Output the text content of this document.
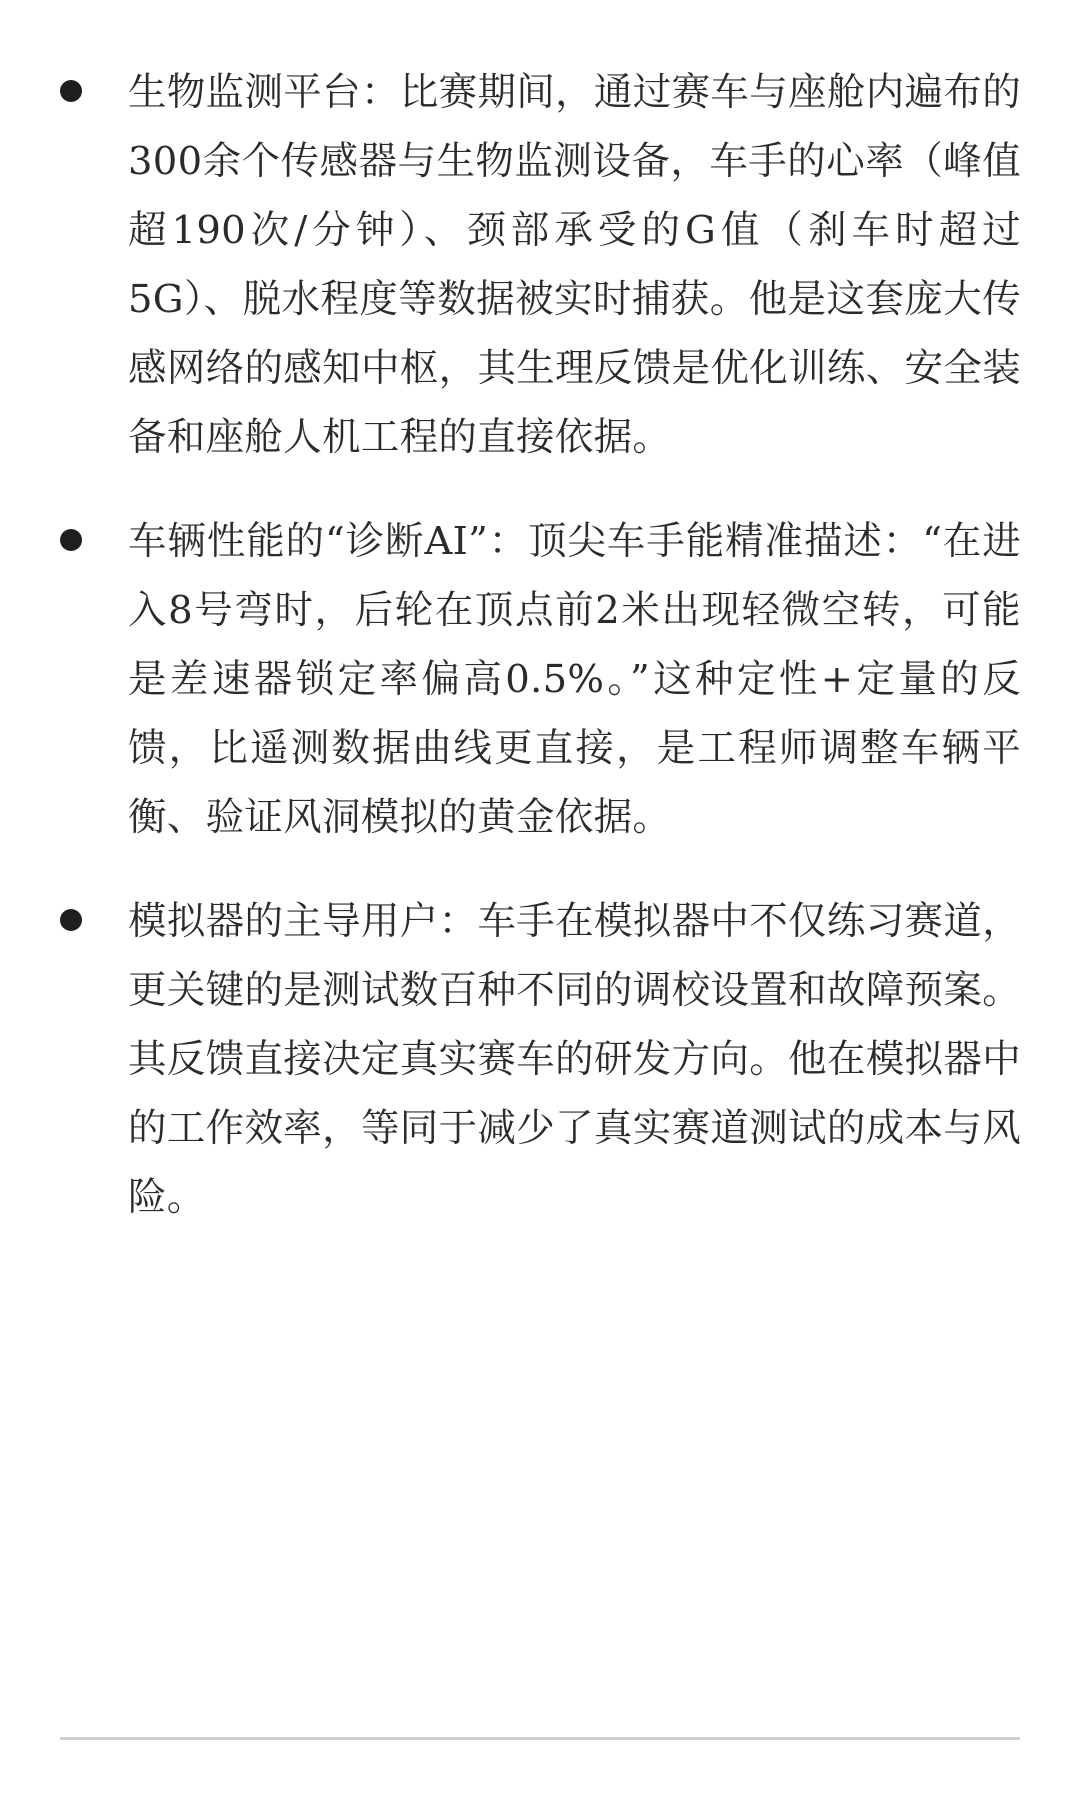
生物监测平台：比赛期间，通过赛车与座舱内遍布的300余个传感器与生物监测设备，车手的心率（峰值超190次/分钟）、颈部承受的G值（刹车时超过5G）、脱水程度等数据被实时捕获。他是这套庞大传感网络的感知中枢，其生理反馈是优化训练、安全装备和座舱人机工程的直接依据。
车辆性能的“诊断AI”：顶尖车手能精准描述：“在进入8号弯时，后轮在顶点前2米出现轻微空转，可能是差速器锁定率偏高0.5%。”这种定性+定量的反馈，比遥测数据曲线更直接，是工程师调整车辆平衡、验证风洞模拟的黄金依据。
模拟器的主导用户：车手在模拟器中不仅练习赛道，更关键的是测试数百种不同的调校设置和故障预案。其反馈直接决定真实赛车的研发方向。他在模拟器中的工作效率，等同于减少了真实赛道测试的成本与风险。
